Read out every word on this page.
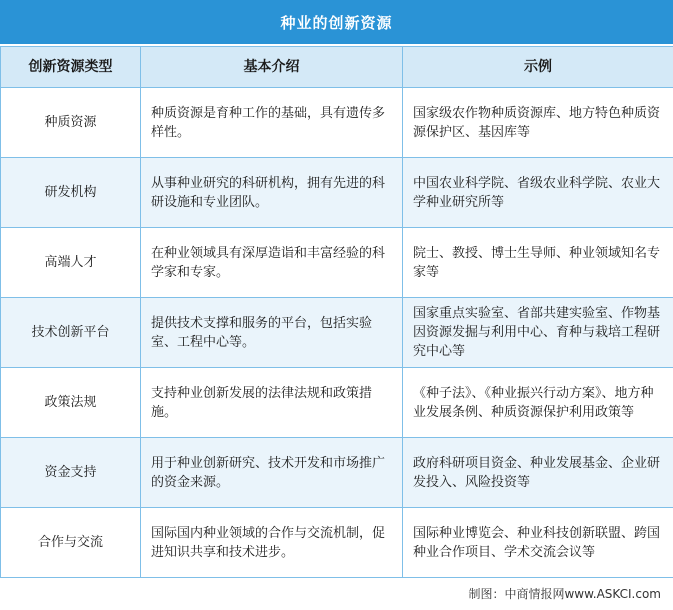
种业的创新资源
创新资源类型	基本介绍	示例
种质资源	种质资源是育种工作的基础，具有遗传多样性。	国家级农作物种质资源库、地方特色种质资源保护区、基因库等
研发机构	从事种业研究的科研机构，拥有先进的科研设施和专业团队。	中国农业科学院、省级农业科学院、农业大学种业研究所等
高端人才	在种业领域具有深厚造诣和丰富经验的科学家和专家。	院士、教授、博士生导师、种业领域知名专家等
技术创新平台	提供技术支撑和服务的平台，包括实验室、工程中心等。	国家重点实验室、省部共建实验室、作物基因资源发掘与利用中心、育种与栽培工程研究中心等
政策法规	支持种业创新发展的法律法规和政策措施。	《种子法》、《种业振兴行动方案》、地方种业发展条例、种质资源保护利用政策等
资金支持	用于种业创新研究、技术开发和市场推广的资金来源。	政府科研项目资金、种业发展基金、企业研发投入、风险投资等
合作与交流	国际国内种业领域的合作与交流机制，促进知识共享和技术进步。	国际种业博览会、种业科技创新联盟、跨国种业合作项目、学术交流会议等
制图：中商情报网www.ASKCI.com
